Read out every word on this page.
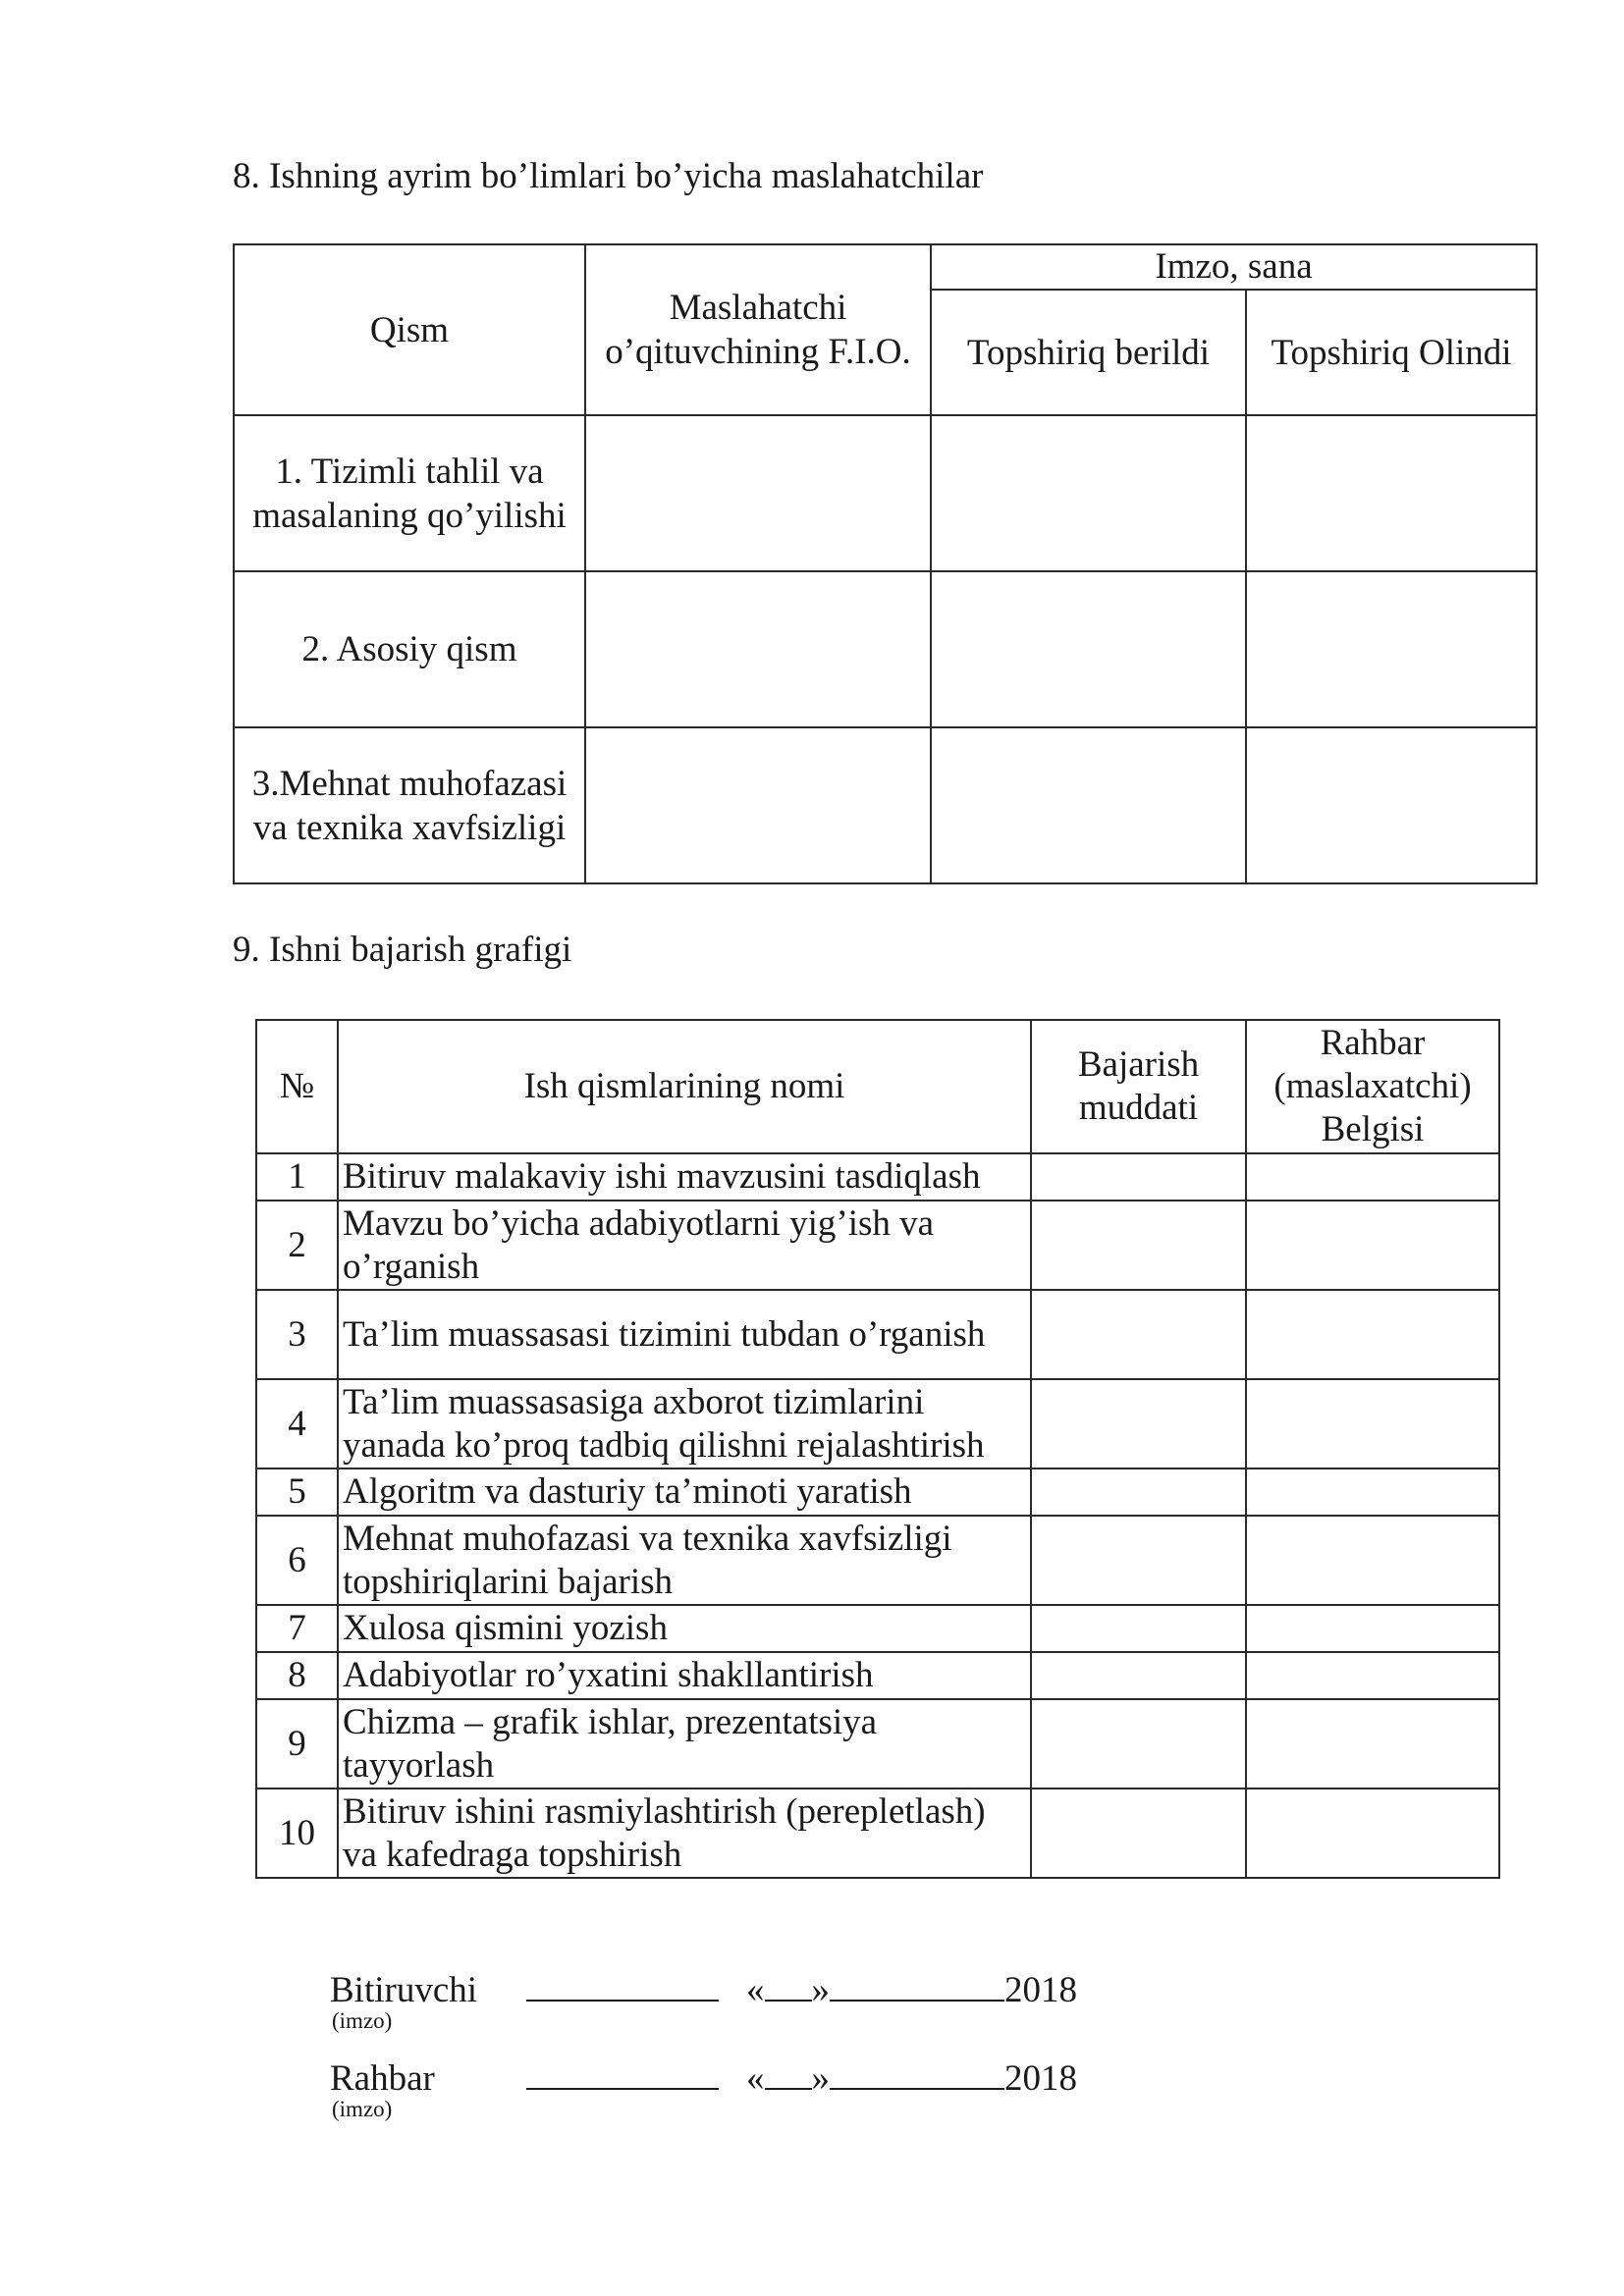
8. Ishning ayrim bo’limlari bo’yicha maslahatchilar
Qism	Maslahatchi o’qituvchining F.I.O.	Imzo, sana	
		Topshiriq berildi	Topshiriq Olindi
1. Tizimli tahlil va masalaning qo’yilishi			
2. Asosiy qism			
3.Mehnat muhofazasi va texnika xavfsizligi			
9. Ishni bajarish grafigi
№	Ish qismlarining nomi	Bajarish muddati	Rahbar (maslaxatchi) Belgisi
1	Bitiruv malakaviy ishi mavzusini tasdiqlash		
2	Mavzu bo’yicha adabiyotlarni yig’ish va o’rganish		
3	Ta’lim muassasasi tizimini tubdan o’rganish		
4	Ta’lim muassasasiga axborot tizimlarini yanada ko’proq tadbiq qilishni rejalashtirish		
5	Algoritm va dasturiy ta’minoti yaratish		
6	Mehnat muhofazasi va texnika xavfsizligi topshiriqlarini bajarish		
7	Xulosa qismini yozish		
8	Adabiyotlar ro’yxatini shakllantirish		
9	Chizma – grafik ishlar, prezentatsiya tayyorlash		
10	Bitiruv ishini rasmiylashtirish (perepletlash) va kafedraga topshirish		
Bitiruvchi	« »	2018
(imzo)
Rahbar	« »	2018
(imzo)
